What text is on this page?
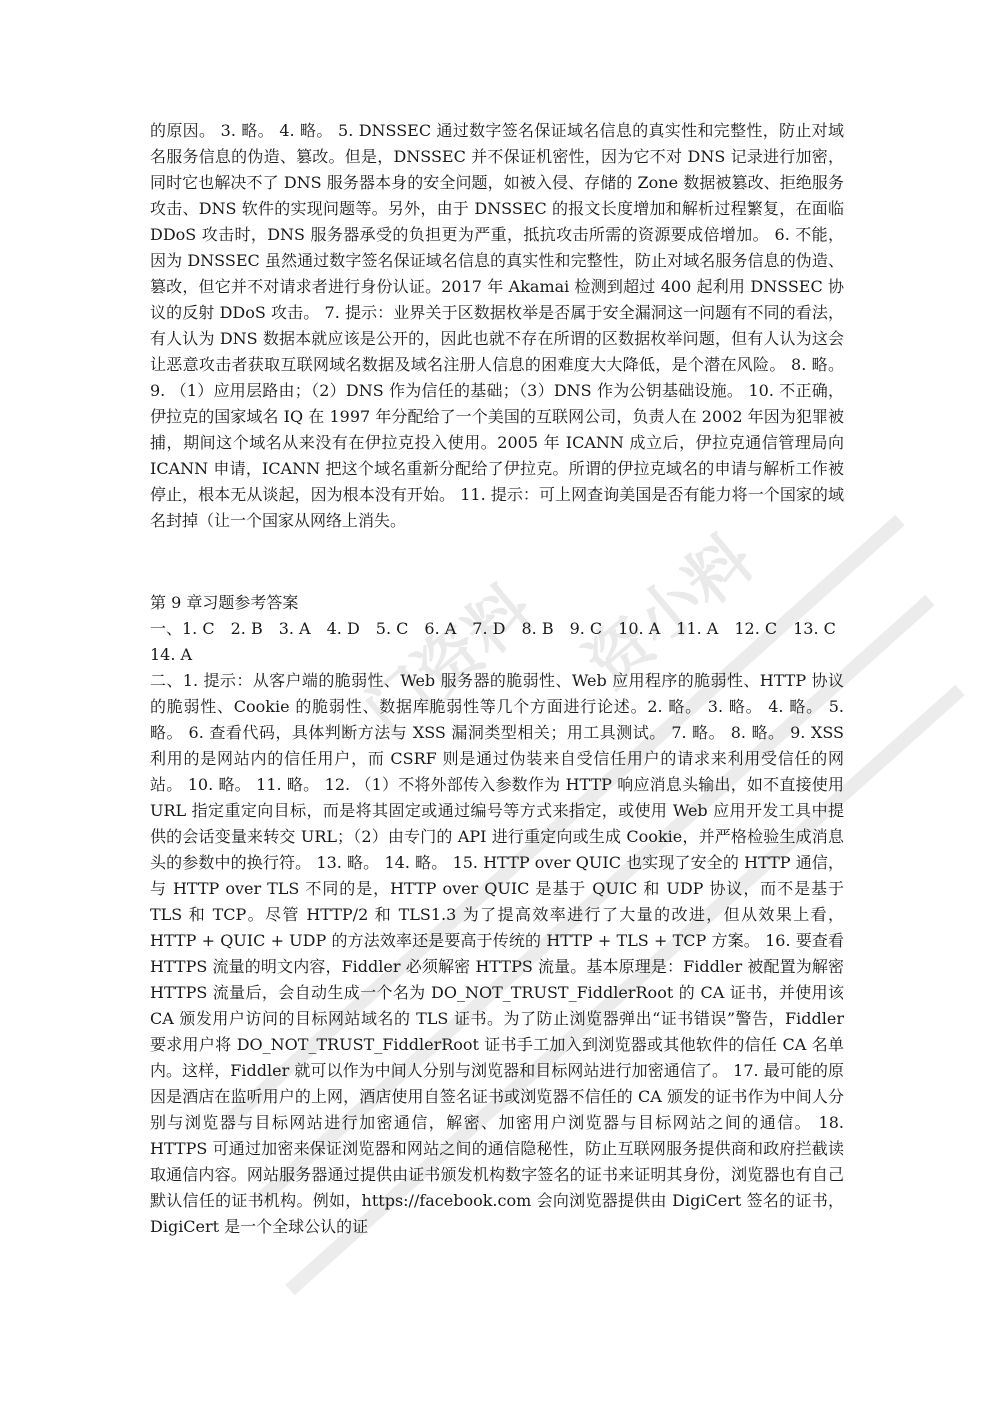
门资料 资小料

的原因。 3. 略。 4. 略。 5. DNSSEC 通过数字签名保证域名信息的真实性和完整性，防止对域名服务信息的伪造、篡改。但是，DNSSEC 并不保证机密性，因为它不对 DNS 记录进行加密，同时它也解决不了 DNS 服务器本身的安全问题，如被入侵、存储的 Zone 数据被篡改、拒绝服务攻击、DNS 软件的实现问题等。另外，由于 DNSSEC 的报文长度增加和解析过程繁复，在面临 DDoS 攻击时，DNS 服务器承受的负担更为严重，抵抗攻击所需的资源要成倍增加。 6. 不能，因为 DNSSEC 虽然通过数字签名保证域名信息的真实性和完整性，防止对域名服务信息的伪造、篡改，但它并不对请求者进行身份认证。2017 年 Akamai 检测到超过 400 起利用 DNSSEC 协议的反射 DDoS 攻击。 7. 提示：业界关于区数据枚举是否属于安全漏洞这一问题有不同的看法，有人认为 DNS 数据本就应该是公开的，因此也就不存在所谓的区数据枚举问题，但有人认为这会让恶意攻击者获取互联网域名数据及域名注册人信息的困难度大大降低，是个潜在风险。 8. 略。 9. （1）应用层路由；（2）DNS 作为信任的基础；（3）DNS 作为公钥基础设施。 10. 不正确，伊拉克的国家域名 IQ 在 1997 年分配给了一个美国的互联网公司，负责人在 2002 年因为犯罪被捕，期间这个域名从来没有在伊拉克投入使用。2005 年 ICANN 成立后，伊拉克通信管理局向 ICANN 申请，ICANN 把这个域名重新分配给了伊拉克。所谓的伊拉克域名的申请与解析工作被停止，根本无从谈起，因为根本没有开始。 11. 提示：可上网查询美国是否有能力将一个国家的域名封掉（让一个国家从网络上消失。

第 9 章习题参考答案

一、1. C　2. B　3. A　4. D　5. C　6. A　7. D　8. B　9. C　10. A　11. A　12. C　13. C　14. A

二、1. 提示：从客户端的脆弱性、Web 服务器的脆弱性、Web 应用程序的脆弱性、HTTP 协议的脆弱性、Cookie 的脆弱性、数据库脆弱性等几个方面进行论述。2. 略。 3. 略。 4. 略。 5. 略。 6. 查看代码，具体判断方法与 XSS 漏洞类型相关；用工具测试。 7. 略。 8. 略。 9. XSS 利用的是网站内的信任用户，而 CSRF 则是通过伪装来自受信任用户的请求来利用受信任的网站。 10. 略。 11. 略。 12. （1）不将外部传入参数作为 HTTP 响应消息头输出，如不直接使用 URL 指定重定向目标，而是将其固定或通过编号等方式来指定，或使用 Web 应用开发工具中提供的会话变量来转交 URL；（2）由专门的 API 进行重定向或生成 Cookie，并严格检验生成消息头的参数中的换行符。 13. 略。 14. 略。 15. HTTP over QUIC 也实现了安全的 HTTP 通信，与 HTTP over TLS 不同的是，HTTP over QUIC 是基于 QUIC 和 UDP 协议，而不是基于 TLS 和 TCP。尽管 HTTP/2 和 TLS1.3 为了提高效率进行了大量的改进，但从效果上看，HTTP + QUIC + UDP 的方法效率还是要高于传统的 HTTP + TLS + TCP 方案。 16. 要查看 HTTPS 流量的明文内容，Fiddler 必须解密 HTTPS 流量。基本原理是：Fiddler 被配置为解密 HTTPS 流量后，会自动生成一个名为 DO_NOT_TRUST_FiddlerRoot 的 CA 证书，并使用该 CA 颁发用户访问的目标网站域名的 TLS 证书。为了防止浏览器弹出“证书错误”警告，Fiddler 要求用户将 DO_NOT_TRUST_FiddlerRoot 证书手工加入到浏览器或其他软件的信任 CA 名单内。这样，Fiddler 就可以作为中间人分别与浏览器和目标网站进行加密通信了。 17. 最可能的原因是酒店在监听用户的上网，酒店使用自签名证书或浏览器不信任的 CA 颁发的证书作为中间人分别与浏览器与目标网站进行加密通信，解密、加密用户浏览器与目标网站之间的通信。 18. HTTPS 可通过加密来保证浏览器和网站之间的通信隐秘性，防止互联网服务提供商和政府拦截读取通信内容。网站服务器通过提供由证书颁发机构数字签名的证书来证明其身份，浏览器也有自己默认信任的证书机构。例如，https://facebook.com 会向浏览器提供由 DigiCert 签名的证书，DigiCert 是一个全球公认的证
